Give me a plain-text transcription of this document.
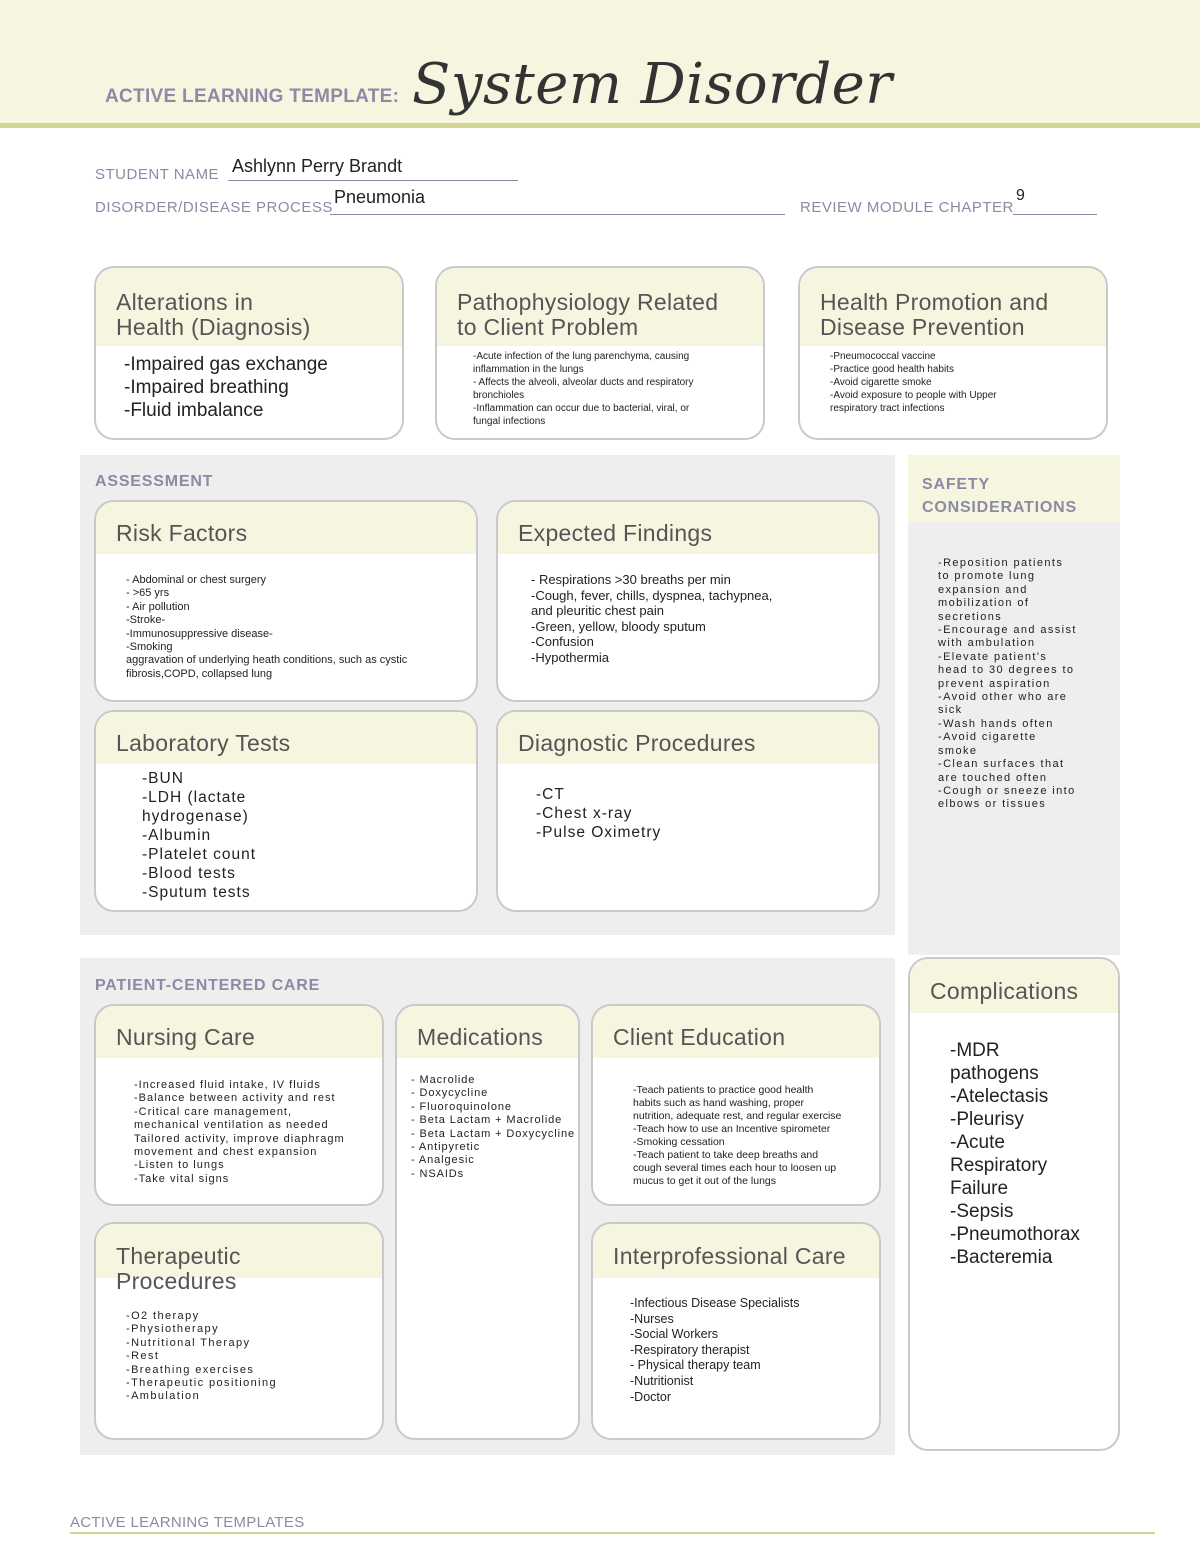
ACTIVE LEARNING TEMPLATE: System Disorder
STUDENT NAME Ashlynn Perry Brandt
DISORDER/DISEASE PROCESS
Pneumonia
REVIEW MODULE CHAPTER
9
Alterations in
Health (Diagnosis)
-Impaired gas exchange
-Impaired breathing
-Fluid imbalance
Pathophysiology Related
to Client Problem
-Acute infection of the lung parenchyma, causing
inflammation in the lungs
- Affects the alveoli, alveolar ducts and respiratory
bronchioles
-Inflammation can occur due to bacterial, viral, or
fungal infections
Health Promotion and
Disease Prevention
-Pneumococcal vaccine
-Practice good health habits
-Avoid cigarette smoke
-Avoid exposure to people with Upper
respiratory tract infections
ASSESSMENT
Risk Factors
- Abdominal or chest surgery
- >65 yrs
- Air pollution
-Stroke-
-Immunosuppressive disease-
-Smoking
aggravation of underlying heath conditions, such as cystic
fibrosis,COPD, collapsed lung
Expected Findings
- Respirations >30 breaths per min
-Cough, fever, chills, dyspnea, tachypnea,
and pleuritic chest pain
-Green, yellow, bloody sputum
-Confusion
-Hypothermia
Laboratory Tests
-BUN
-LDH (lactate
hydrogenase)
-Albumin
-Platelet count
-Blood tests
-Sputum tests
Diagnostic Procedures
-CT
-Chest x-ray
-Pulse Oximetry
SAFETY
CONSIDERATIONS
-Reposition patients
to promote lung
expansion and
mobilization of
secretions
-Encourage and assist
with ambulation
-Elevate patient's
head to 30 degrees to
prevent aspiration
-Avoid other who are
sick
-Wash hands often
-Avoid cigarette
smoke
-Clean surfaces that
are touched often
-Cough or sneeze into
elbows or tissues
PATIENT-CENTERED CARE
Nursing Care
-Increased fluid intake, IV fluids
-Balance between activity and rest
-Critical care management,
mechanical ventilation as needed
Tailored activity, improve diaphragm
movement and chest expansion
-Listen to lungs
-Take vital signs
Medications
- Macrolide
- Doxycycline
- Fluoroquinolone
- Beta Lactam + Macrolide
- Beta Lactam + Doxycycline
- Antipyretic
- Analgesic
- NSAIDs
Client Education
-Teach patients to practice good health
habits such as hand washing, proper
nutrition, adequate rest, and regular exercise
-Teach how to use an Incentive spirometer
-Smoking cessation
-Teach patient to take deep breaths and
cough several times each hour to loosen up
mucus to get it out of the lungs
Therapeutic Procedures
-O2 therapy
-Physiotherapy
-Nutritional Therapy
-Rest
-Breathing exercises
-Therapeutic positioning
-Ambulation
Interprofessional Care
-Infectious Disease Specialists
-Nurses
-Social Workers
-Respiratory therapist
- Physical therapy team
-Nutritionist
-Doctor
Complications
-MDR
pathogens
-Atelectasis
-Pleurisy
-Acute
Respiratory
Failure
-Sepsis
-Pneumothorax
-Bacteremia
ACTIVE LEARNING TEMPLATES
